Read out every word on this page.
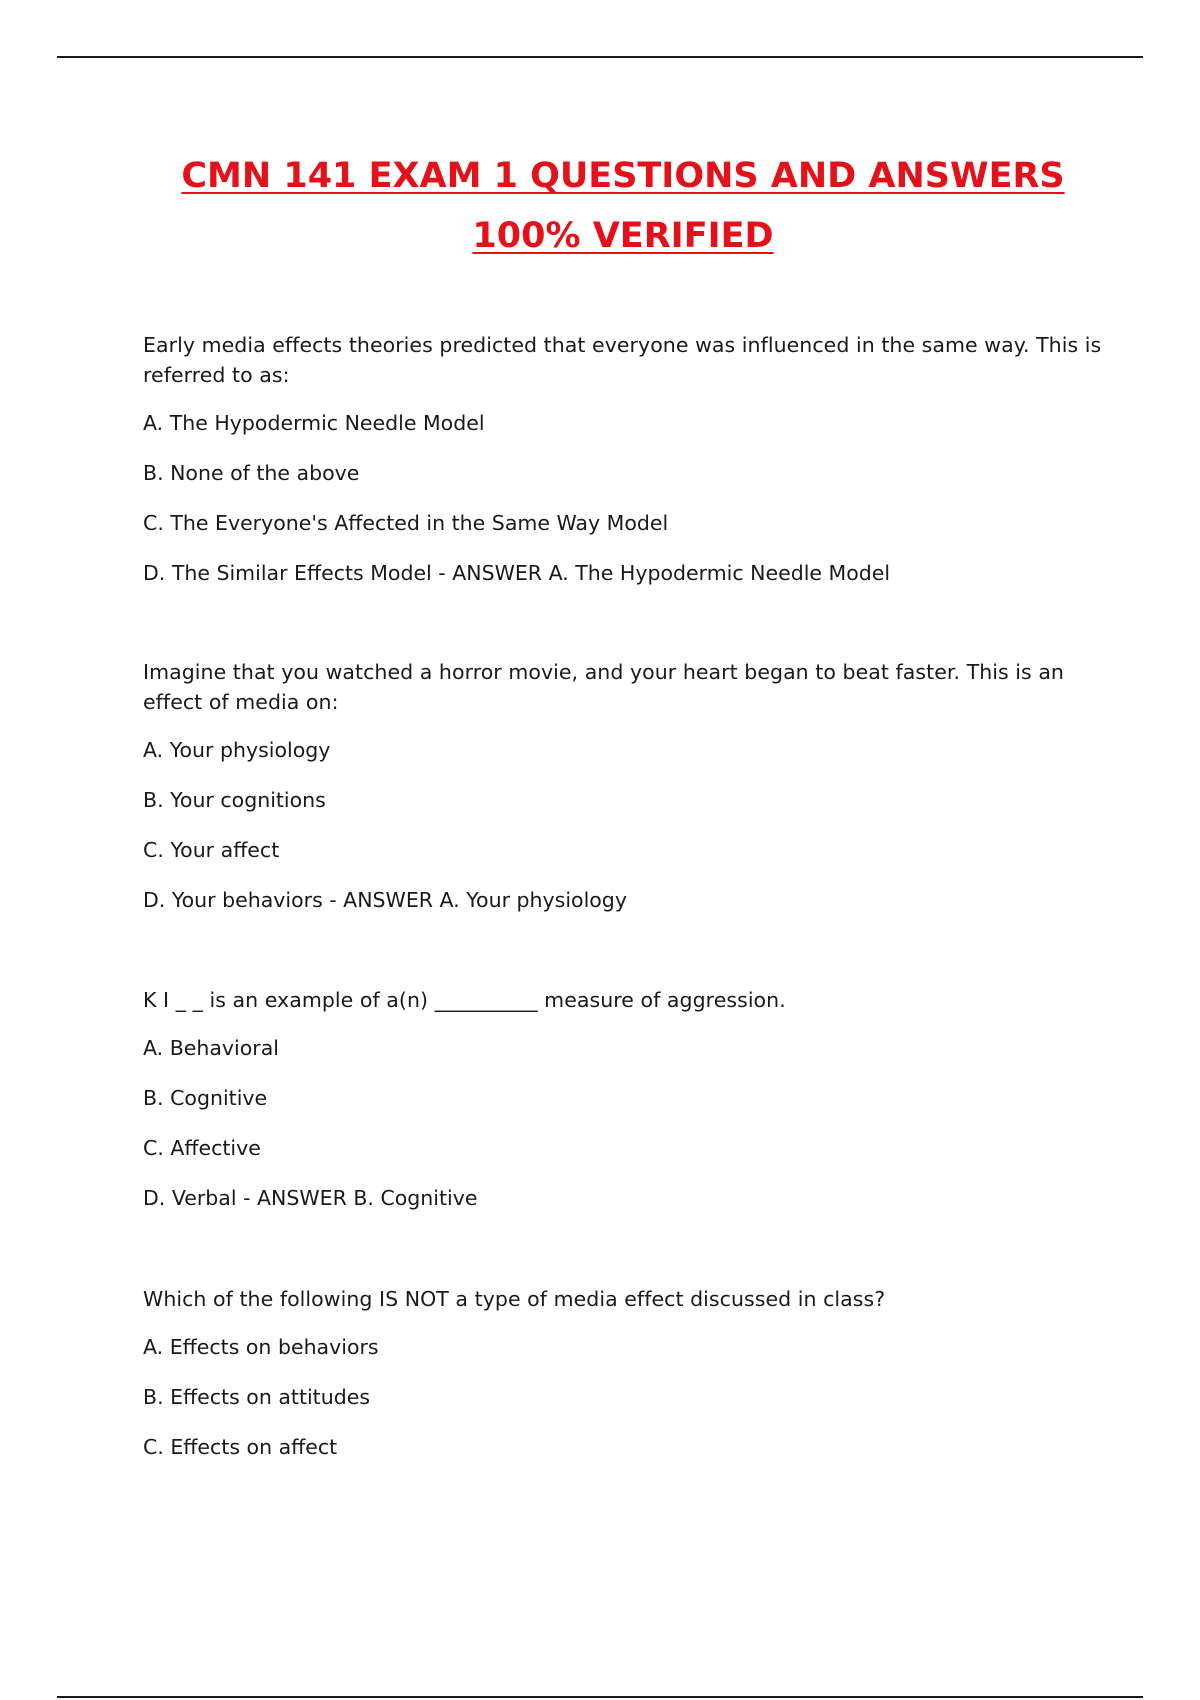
CMN 141 EXAM 1 QUESTIONS AND ANSWERS
100% VERIFIED

Early media effects theories predicted that everyone was influenced in the same way. This is referred to as:

A. The Hypodermic Needle Model
B. None of the above
C. The Everyone's Affected in the Same Way Model
D. The Similar Effects Model - ANSWER A. The Hypodermic Needle Model

Imagine that you watched a horror movie, and your heart began to beat faster. This is an effect of media on:

A. Your physiology
B. Your cognitions
C. Your affect
D. Your behaviors - ANSWER A. Your physiology

K I _ _ is an example of a(n) __________ measure of aggression.

A. Behavioral
B. Cognitive
C. Affective
D. Verbal - ANSWER B. Cognitive

Which of the following IS NOT a type of media effect discussed in class?

A. Effects on behaviors
B. Effects on attitudes
C. Effects on affect
